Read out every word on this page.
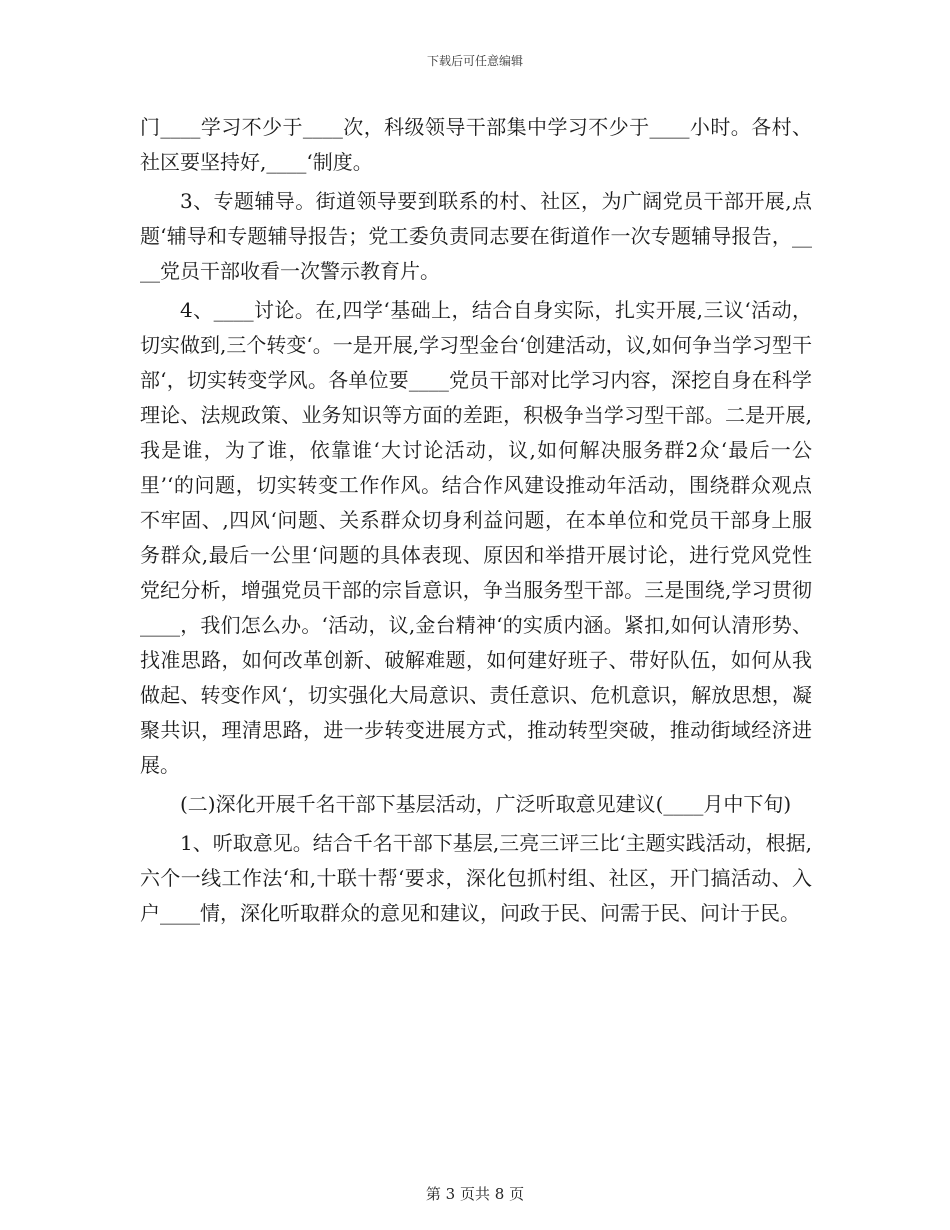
下载后可任意编辑

门____学习不少于____次，科级领导干部集中学习不少于____小时。各村、社区要坚持好,____‘制度。

3、专题辅导。街道领导要到联系的村、社区，为广阔党员干部开展,点题‘辅导和专题辅导报告；党工委负责同志要在街道作一次专题辅导报告，____党员干部收看一次警示教育片。

4、____讨论。在,四学‘基础上，结合自身实际，扎实开展,三议‘活动，切实做到,三个转变‘。一是开展,学习型金台‘创建活动，议,如何争当学习型干部‘，切实转变学风。各单位要____党员干部对比学习内容，深挖自身在科学理论、法规政策、业务知识等方面的差距，积极争当学习型干部。二是开展,我是谁，为了谁，依靠谁‘大讨论活动，议,如何解决服务群2众‘最后一公里’‘的问题，切实转变工作作风。结合作风建设推动年活动，围绕群众观点不牢固、,四风‘问题、关系群众切身利益问题，在本单位和党员干部身上服务群众,最后一公里‘问题的具体表现、原因和举措开展讨论，进行党风党性党纪分析，增强党员干部的宗旨意识，争当服务型干部。三是围绕,学习贯彻____，我们怎么办。‘活动，议,金台精神‘的实质内涵。紧扣,如何认清形势、找准思路，如何改革创新、破解难题，如何建好班子、带好队伍，如何从我做起、转变作风‘，切实强化大局意识、责任意识、危机意识，解放思想，凝聚共识，理清思路，进一步转变进展方式，推动转型突破，推动街域经济进展。

(二)深化开展千名干部下基层活动，广泛听取意见建议(____月中下旬)

1、听取意见。结合千名干部下基层,三亮三评三比‘主题实践活动，根据,六个一线工作法‘和,十联十帮‘要求，深化包抓村组、社区，开门搞活动、入户____情，深化听取群众的意见和建议，问政于民、问需于民、问计于民。

第 3 页共 8 页
